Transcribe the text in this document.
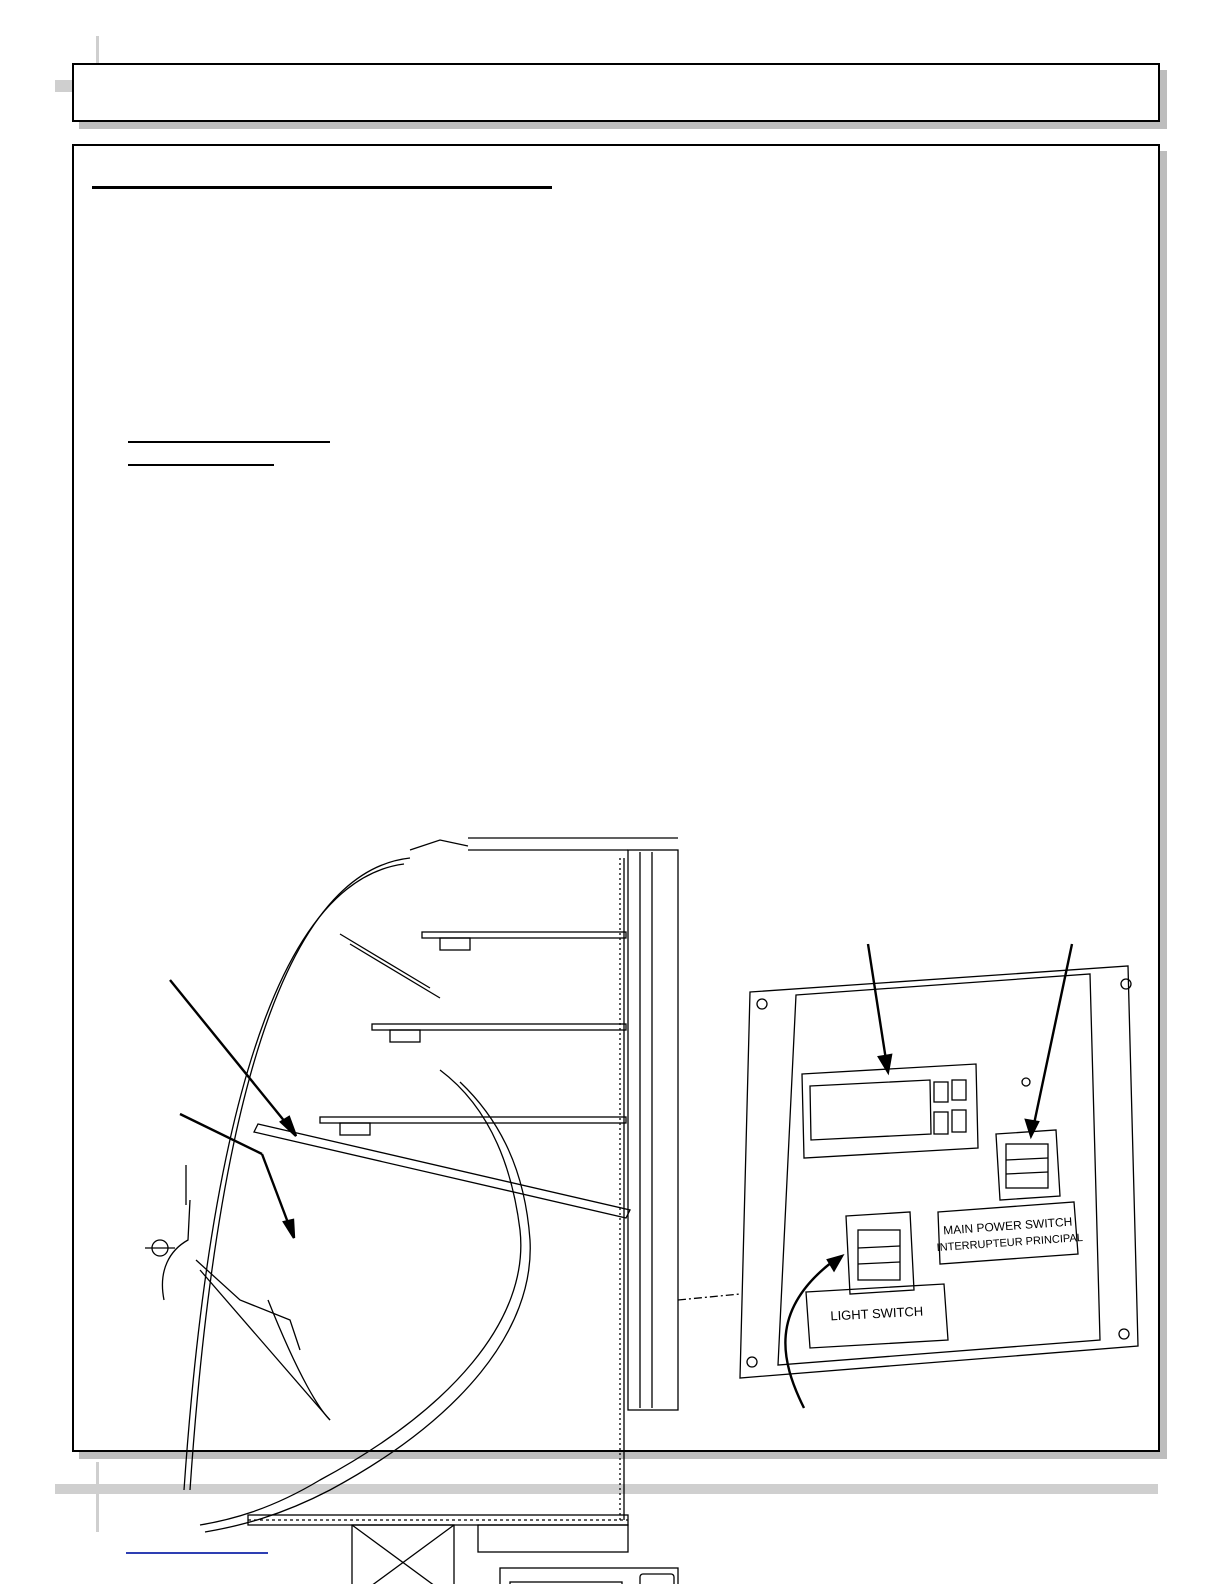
MAIN POWER SWITCH
INTERRUPTEUR PRINCIPAL
LIGHT SWITCH
